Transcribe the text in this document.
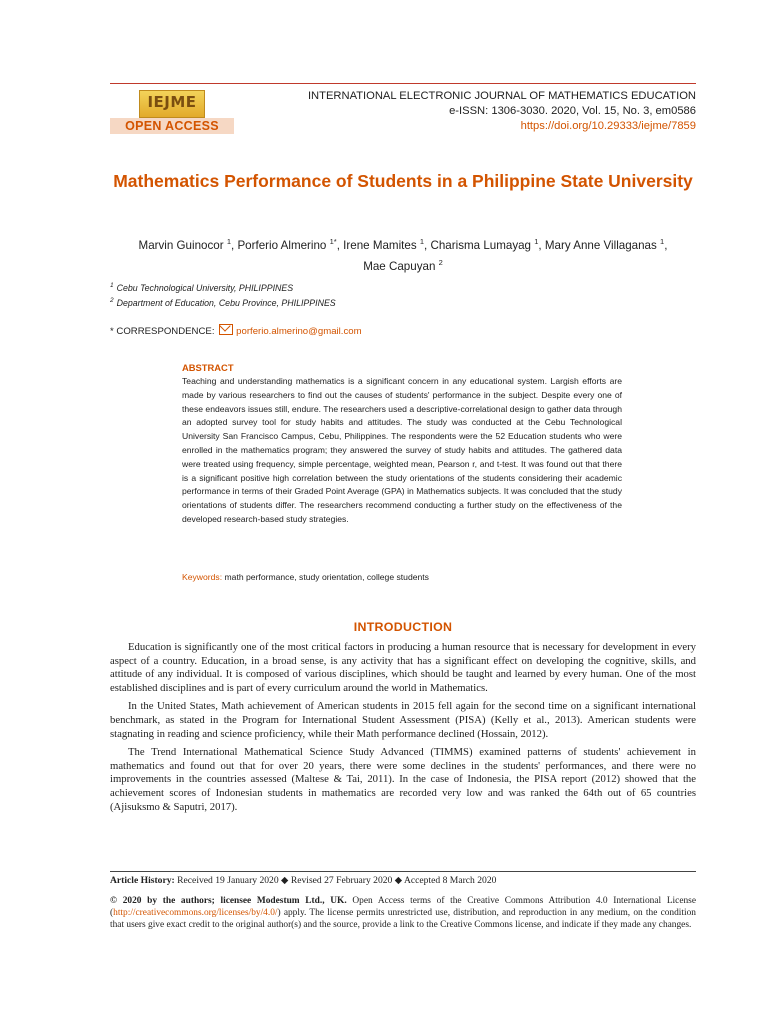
IEJME
OPEN ACCESS
INTERNATIONAL ELECTRONIC JOURNAL OF MATHEMATICS EDUCATION
e-ISSN: 1306-3030. 2020, Vol. 15, No. 3, em0586
https://doi.org/10.29333/iejme/7859
Mathematics Performance of Students in a Philippine State University
Marvin Guinocor $^1$, Porferio Almerino $^{1*}$, Irene Mamites $^1$, Charisma Lumayag $^1$, Mary Anne Villaganas $^1$,
Mae Capuyan $^2$
$^1$ Cebu Technological University, PHILIPPINES
$^2$ Department of Education, Cebu Province, PHILIPPINES
* CORRESPONDENCE: porferio.almerino@gmail.com
ABSTRACT

Teaching and understanding mathematics is a significant concern in any educational system. Largish efforts are made by various researchers to find out the causes of students' performance in the subject. Despite every one of these endeavors issues still, endure. The researchers used a descriptive-correlational design to gather data through an adopted survey tool for study habits and attitudes. The study was conducted at the Cebu Technological University San Francisco Campus, Cebu, Philippines. The respondents were the 52 Education students who were enrolled in the mathematics program; they answered the survey of study habits and attitudes. The gathered data were treated using frequency, simple percentage, weighted mean, Pearson r, and t-test. It was found out that there is a significant positive high correlation between the study orientations of the students considering their academic performance in terms of their Graded Point Average (GPA) in Mathematics subjects. It was concluded that the study orientations of students differ. The researchers recommend conducting a further study on the effectiveness of the developed research-based study strategies.

Keywords: math performance, study orientation, college students
INTRODUCTION

Education is significantly one of the most critical factors in producing a human resource that is necessary for development in every aspect of a country. Education, in a broad sense, is any activity that has a significant effect on developing the cognitive, skills, and attitude of any individual. It is composed of various disciplines, which should be taught and learned by every human. One of the most established disciplines and is part of every curriculum around the world in Mathematics.

In the United States, Math achievement of American students in 2015 fell again for the second time on a significant international benchmark, as stated in the Program for International Student Assessment (PISA) (Kelly et al., 2013). American students were stagnating in reading and science proficiency, while their Math performance declined (Hossain, 2012).

The Trend International Mathematical Science Study Advanced (TIMMS) examined patterns of students' achievement in mathematics and found out that for over 20 years, there were some declines in the students' performances, and there were no improvements in the countries assessed (Maltese & Tai, 2011). In the case of Indonesia, the PISA report (2012) showed that the achievement scores of Indonesian students in mathematics are recorded very low and was ranked the 64th out of 65 countries (Ajisuksmo & Saputri, 2017).

Article History: Received 19 January 2020 ◆ Revised 27 February 2020 ◆ Accepted 8 March 2020
© 2020 by the authors; licensee Modestum Ltd., UK. Open Access terms of the Creative Commons Attribution 4.0 International License (http://creativecommons.org/licenses/by/4.0/) apply. The license permits unrestricted use, distribution, and reproduction in any medium, on the condition that users give exact credit to the original author(s) and the source, provide a link to the Creative Commons license, and indicate if they made any changes.
